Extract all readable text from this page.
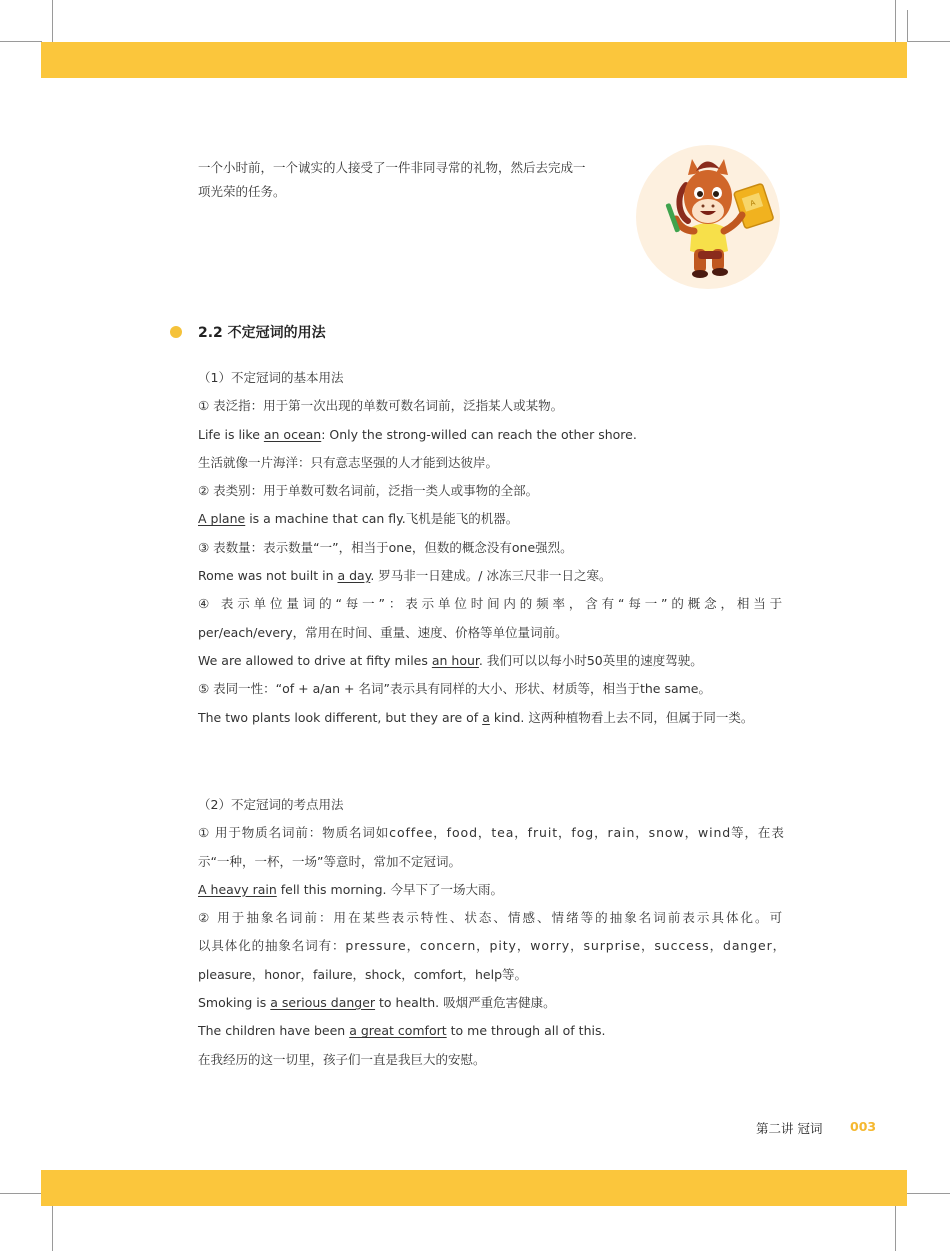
一个小时前，一个诚实的人接受了一件非同寻常的礼物，然后去完成一
项光荣的任务。
A
2.2 不定冠词的用法
（1）不定冠词的基本用法
① 表泛指：用于第一次出现的单数可数名词前，泛指某人或某物。
Life is like an ocean: Only the strong-willed can reach the other shore.
生活就像一片海洋：只有意志坚强的人才能到达彼岸。
② 表类别：用于单数可数名词前，泛指一类人或事物的全部。
A plane is a machine that can fly.飞机是能飞的机器。
③ 表数量：表示数量“一”，相当于one，但数的概念没有one强烈。
Rome was not built in a day. 罗马非一日建成。/ 冰冻三尺非一日之寒。
④ 表示单位量词的“每一”：表示单位时间内的频率，含有“每一”的概念，相当于
per/each/every，常用在时间、重量、速度、价格等单位量词前。
We are allowed to drive at fifty miles an hour. 我们可以以每小时50英里的速度驾驶。
⑤ 表同一性：“of + a/an + 名词”表示具有同样的大小、形状、材质等，相当于the same。
The two plants look different, but they are of a kind. 这两种植物看上去不同，但属于同一类。
（2）不定冠词的考点用法
① 用于物质名词前：物质名词如coffee，food，tea，fruit，fog，rain，snow，wind等，在表
示“一种，一杯，一场”等意时，常加不定冠词。
A heavy rain fell this morning. 今早下了一场大雨。
② 用于抽象名词前：用在某些表示特性、状态、情感、情绪等的抽象名词前表示具体化。可
以具体化的抽象名词有：pressure，concern，pity，worry，surprise，success，danger，
pleasure，honor，failure，shock，comfort，help等。
Smoking is a serious danger to health. 吸烟严重危害健康。
The children have been a great comfort to me through all of this.
在我经历的这一切里，孩子们一直是我巨大的安慰。
第二讲 冠词 003
